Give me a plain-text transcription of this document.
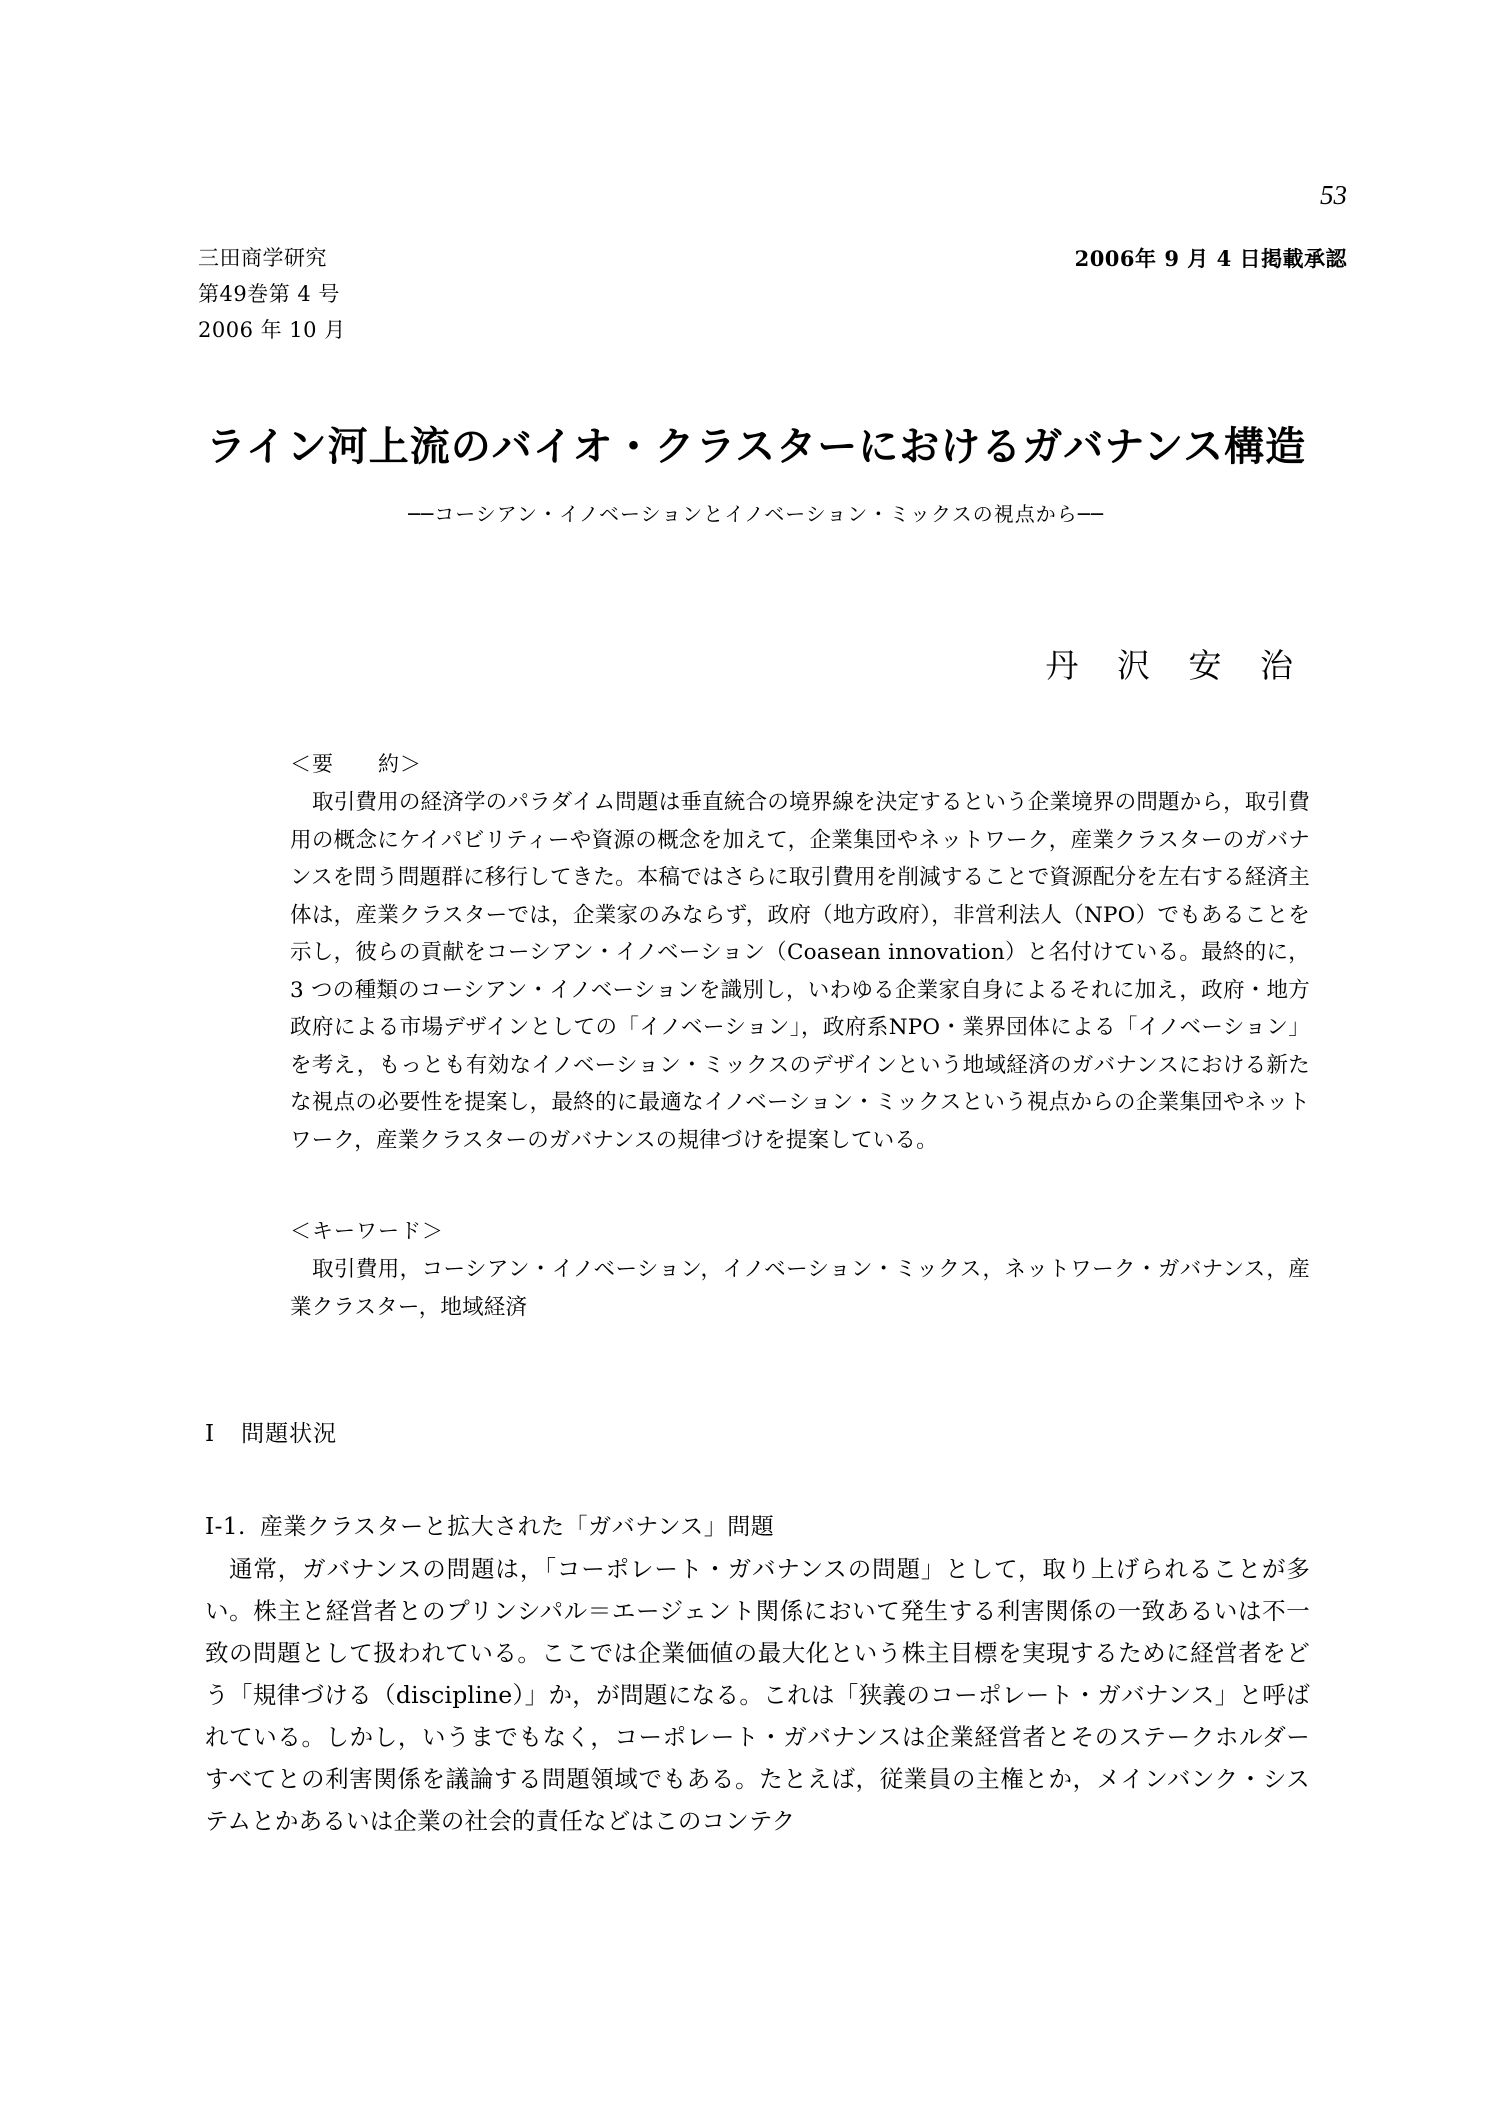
53
三田商学研究
第49巻第 4 号
2006 年 10 月
2006年 9 月 4 日掲載承認
ライン河上流のバイオ・クラスターにおけるガバナンス構造
──コーシアン・イノベーションとイノベーション・ミックスの視点から──
丹 沢 安 治
＜要　　約＞
取引費用の経済学のパラダイム問題は垂直統合の境界線を決定するという企業境界の問題から，取引費用の概念にケイパビリティーや資源の概念を加えて，企業集団やネットワーク，産業クラスターのガバナンスを問う問題群に移行してきた。本稿ではさらに取引費用を削減することで資源配分を左右する経済主体は，産業クラスターでは，企業家のみならず，政府（地方政府），非営利法人（NPO）でもあることを示し，彼らの貢献をコーシアン・イノベーション（Coasean innovation）と名付けている。最終的に，3 つの種類のコーシアン・イノベーションを識別し，いわゆる企業家自身によるそれに加え，政府・地方政府による市場デザインとしての「イノベーション」，政府系NPO・業界団体による「イノベーション」を考え，もっとも有効なイノベーション・ミックスのデザインという地域経済のガバナンスにおける新たな視点の必要性を提案し，最終的に最適なイノベーション・ミックスという視点からの企業集団やネットワーク，産業クラスターのガバナンスの規律づけを提案している。
＜キーワード＞
取引費用，コーシアン・イノベーション，イノベーション・ミックス，ネットワーク・ガバナンス，産業クラスター，地域経済
Ⅰ 問題状況
Ⅰ-1. 産業クラスターと拡大された「ガバナンス」問題
通常，ガバナンスの問題は，「コーポレート・ガバナンスの問題」として，取り上げられることが多い。株主と経営者とのプリンシパル＝エージェント関係において発生する利害関係の一致あるいは不一致の問題として扱われている。ここでは企業価値の最大化という株主目標を実現するために経営者をどう「規律づける（discipline）」か，が問題になる。これは「狭義のコーポレート・ガバナンス」と呼ばれている。しかし，いうまでもなく，コーポレート・ガバナンスは企業経営者とそのステークホルダーすべてとの利害関係を議論する問題領域でもある。たとえば，従業員の主権とか，メインバンク・システムとかあるいは企業の社会的責任などはこのコンテク
